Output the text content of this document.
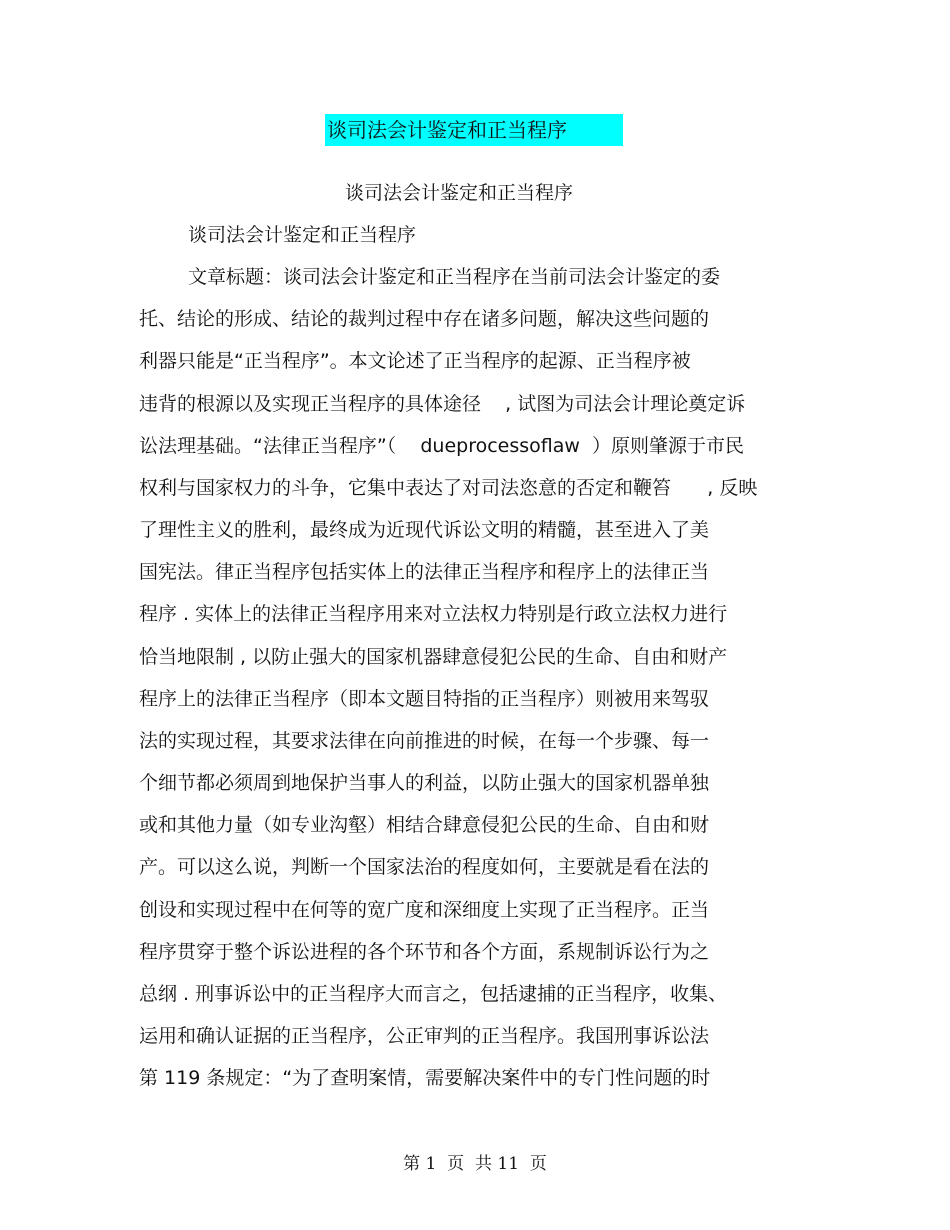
谈司法会计鉴定和正当程序
谈司法会计鉴定和正当程序
谈司法会计鉴定和正当程序
文章标题：谈司法会计鉴定和正当程序在当前司法会计鉴定的委
托、结论的形成、结论的裁判过程中存在诸多问题，解决这些问题的
利器只能是“正当程序”。本文论述了正当程序的起源、正当程序被
违背的根源以及实现正当程序的具体途径    , 试图为司法会计理论奠定诉
讼法理基础。“法律正当程序”（    dueprocessoflaw  ）原则肇源于市民
权利与国家权力的斗争，它集中表达了对司法恣意的否定和鞭笞      , 反映
了理性主义的胜利，最终成为近现代诉讼文明的精髓，甚至进入了美
国宪法。律正当程序包括实体上的法律正当程序和程序上的法律正当
程序 . 实体上的法律正当程序用来对立法权力特别是行政立法权力进行
恰当地限制 , 以防止强大的国家机器肆意侵犯公民的生命、自由和财产
程序上的法律正当程序（即本文题目特指的正当程序）则被用来驾驭
法的实现过程，其要求法律在向前推进的时候，在每一个步骤、每一
个细节都必须周到地保护当事人的利益，以防止强大的国家机器单独
或和其他力量（如专业沟壑）相结合肆意侵犯公民的生命、自由和财
产。可以这么说，判断一个国家法治的程度如何，主要就是看在法的
创设和实现过程中在何等的宽广度和深细度上实现了正当程序。正当
程序贯穿于整个诉讼进程的各个环节和各个方面，系规制诉讼行为之
总纲 . 刑事诉讼中的正当程序大而言之，包括逮捕的正当程序，收集、
运用和确认证据的正当程序，公正审判的正当程序。我国刑事诉讼法
第 119 条规定：“为了查明案情，需要解决案件中的专门性问题的时
第 1  页  共 11  页
